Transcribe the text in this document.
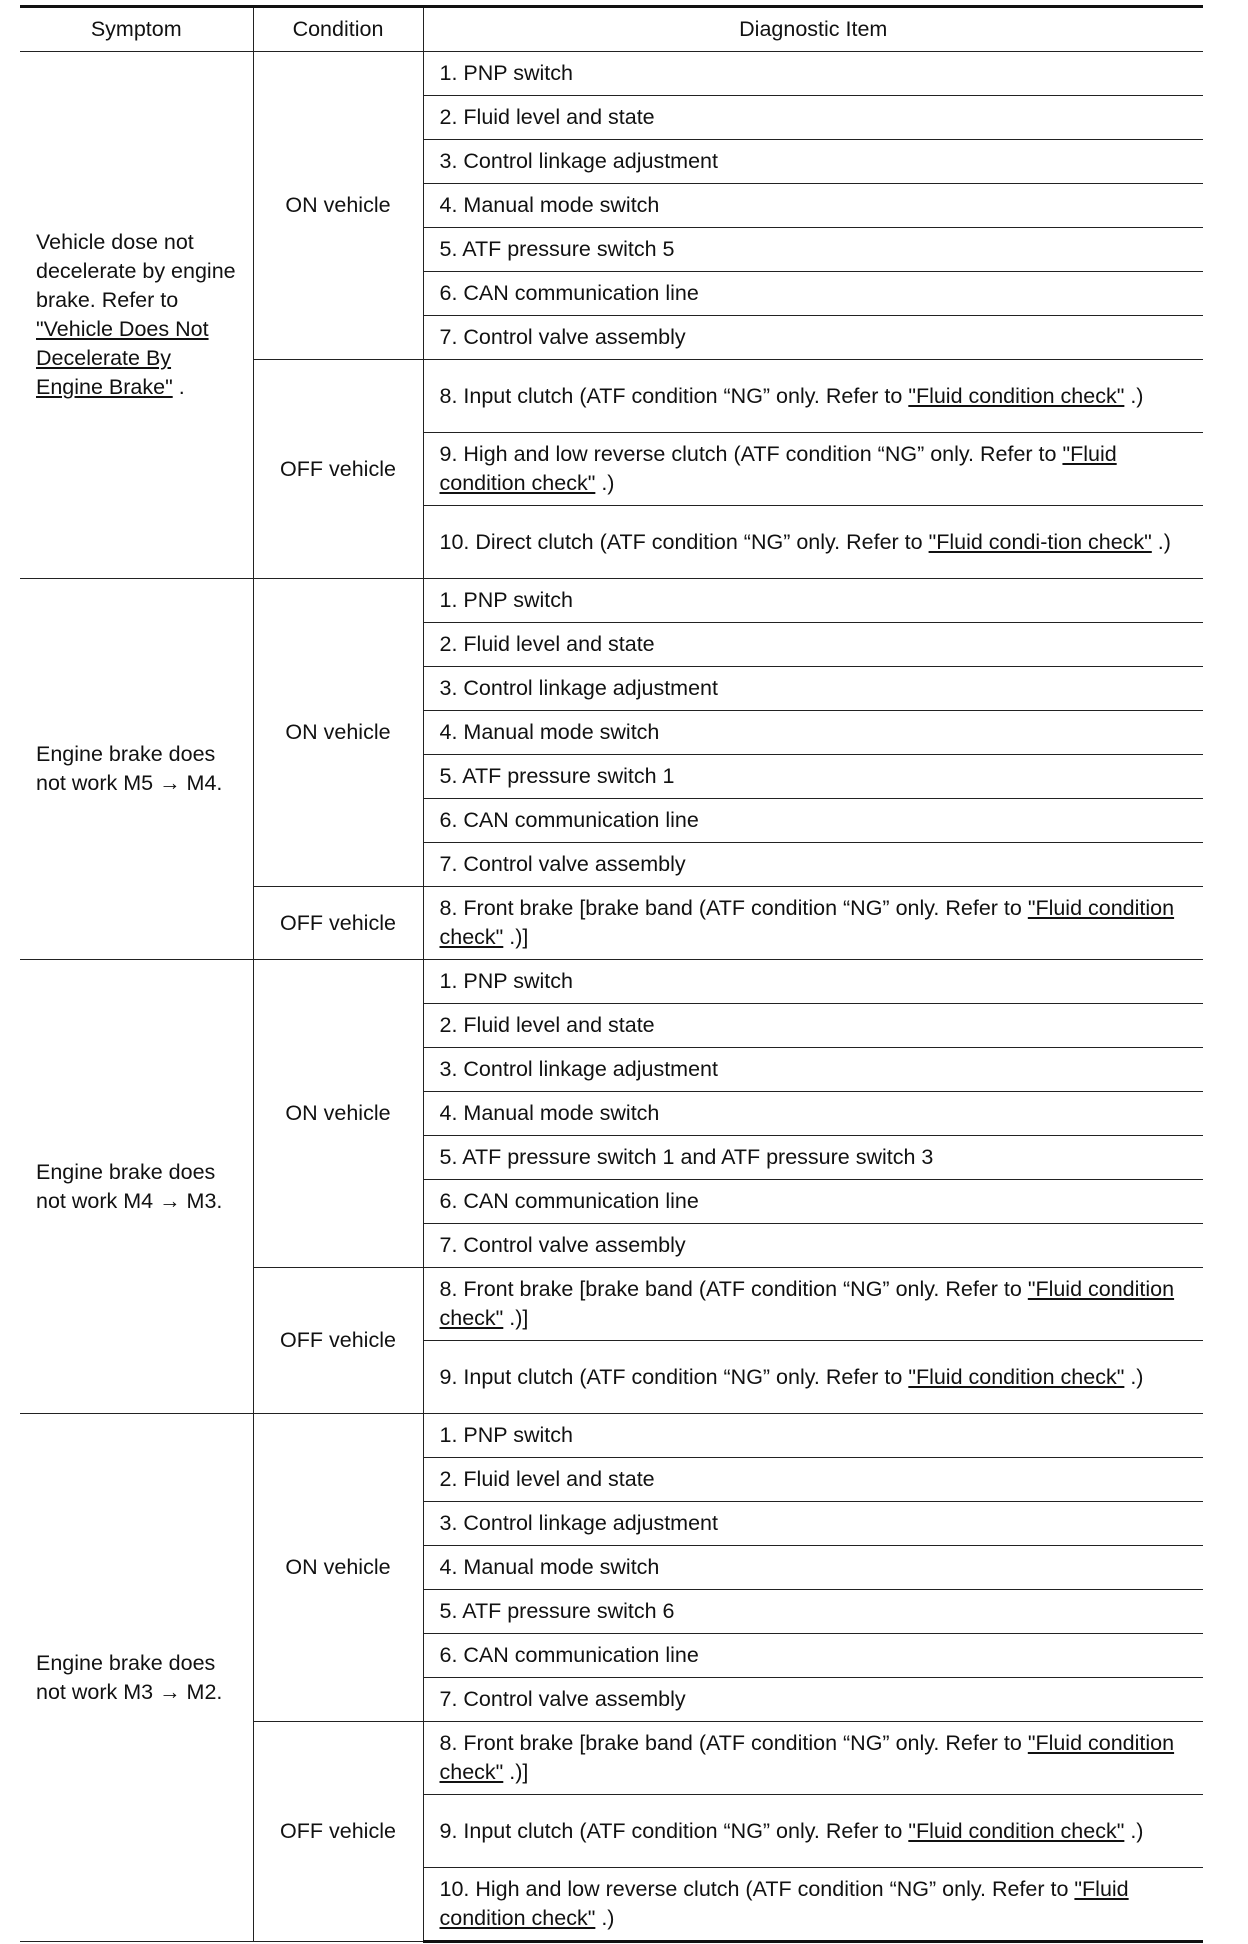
Symptom	Condition	Diagnostic Item
Vehicle dose not decelerate by engine brake. Refer to "Vehicle Does Not Decelerate By Engine Brake" .	ON vehicle	1. PNP switch
		2. Fluid level and state
		3. Control linkage adjustment
		4. Manual mode switch
		5. ATF pressure switch 5
		6. CAN communication line
		7. Control valve assembly
	OFF vehicle	8. Input clutch (ATF condition “NG” only. Refer to "Fluid condition check" .)
		9. High and low reverse clutch (ATF condition “NG” only. Refer to "Fluid condition check" .)
		10. Direct clutch (ATF condition “NG” only. Refer to "Fluid condi-tion check" .)
Engine brake does not work M5 → M4.	ON vehicle	1. PNP switch
		2. Fluid level and state
		3. Control linkage adjustment
		4. Manual mode switch
		5. ATF pressure switch 1
		6. CAN communication line
		7. Control valve assembly
	OFF vehicle	8. Front brake [brake band (ATF condition “NG” only. Refer to "Fluid condition check" .)]
Engine brake does not work M4 → M3.	ON vehicle	1. PNP switch
		2. Fluid level and state
		3. Control linkage adjustment
		4. Manual mode switch
		5. ATF pressure switch 1 and ATF pressure switch 3
		6. CAN communication line
		7. Control valve assembly
	OFF vehicle	8. Front brake [brake band (ATF condition “NG” only. Refer to "Fluid condition check" .)]
		9. Input clutch (ATF condition “NG” only. Refer to "Fluid condition check" .)
Engine brake does not work M3 → M2.	ON vehicle	1. PNP switch
		2. Fluid level and state
		3. Control linkage adjustment
		4. Manual mode switch
		5. ATF pressure switch 6
		6. CAN communication line
		7. Control valve assembly
	OFF vehicle	8. Front brake [brake band (ATF condition “NG” only. Refer to "Fluid condition check" .)]
		9. Input clutch (ATF condition “NG” only. Refer to "Fluid condition check" .)
		10. High and low reverse clutch (ATF condition “NG” only. Refer to "Fluid condition check" .)
